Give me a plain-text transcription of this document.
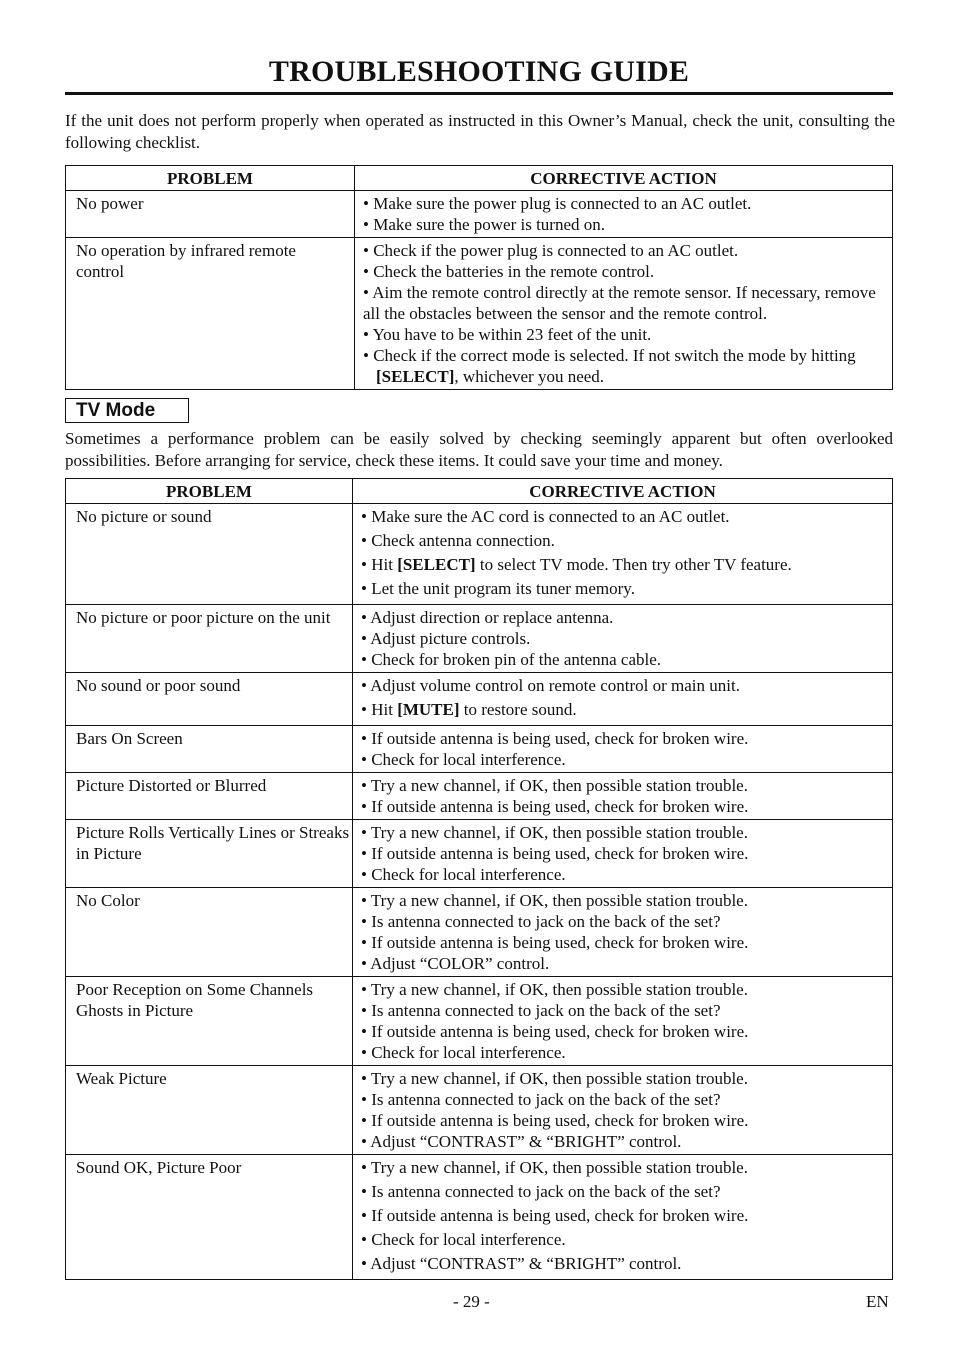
TROUBLESHOOTING GUIDE
If the unit does not perform properly when operated as instructed in this Owner’s Manual, check the unit, consulting the following checklist.
PROBLEM	CORRECTIVE ACTION
No power	• Make sure the power plug is connected to an AC outlet.
• Make sure the power is turned on.

No operation by infrared remote control	• Check if the power plug is connected to an AC outlet.
• Check the batteries in the remote control.
• Aim the remote control directly at the remote sensor. If necessary, remove all the obstacles between the sensor and the remote control.
• You have to be within 23 feet of the unit.
• Check if the correct mode is selected. If not switch the mode by hitting [SELECT], whichever you need.
TV Mode
Sometimes a performance problem can be easily solved by checking seemingly apparent but often overlooked possibilities. Before arranging for service, check these items. It could save your time and money.
PROBLEM	CORRECTIVE ACTION
No picture or sound	• Make sure the AC cord is connected to an AC outlet.
• Check antenna connection.
• Hit [SELECT] to select TV mode. Then try other TV feature.
• Let the unit program its tuner memory.

No picture or poor picture on the unit	• Adjust direction or replace antenna.
• Adjust picture controls.
• Check for broken pin of the antenna cable.

No sound or poor sound	• Adjust volume control on remote control or main unit.
• Hit [MUTE] to restore sound.

Bars On Screen	• If outside antenna is being used, check for broken wire.
• Check for local interference.

Picture Distorted or Blurred	• Try a new channel, if OK, then possible station trouble.
• If outside antenna is being used, check for broken wire.

Picture Rolls Vertically Lines or Streaks in Picture	• Try a new channel, if OK, then possible station trouble.
• If outside antenna is being used, check for broken wire.
• Check for local interference.

No Color	• Try a new channel, if OK, then possible station trouble.
• Is antenna connected to jack on the back of the set?
• If outside antenna is being used, check for broken wire.
• Adjust “COLOR” control.

Poor Reception on Some Channels Ghosts in Picture	• Try a new channel, if OK, then possible station trouble.
• Is antenna connected to jack on the back of the set?
• If outside antenna is being used, check for broken wire.
• Check for local interference.

Weak Picture	• Try a new channel, if OK, then possible station trouble.
• Is antenna connected to jack on the back of the set?
• If outside antenna is being used, check for broken wire.
• Adjust “CONTRAST” & “BRIGHT” control.

Sound OK, Picture Poor	• Try a new channel, if OK, then possible station trouble.
• Is antenna connected to jack on the back of the set?
• If outside antenna is being used, check for broken wire.
• Check for local interference.
• Adjust “CONTRAST” & “BRIGHT” control.
- 29 -	EN
